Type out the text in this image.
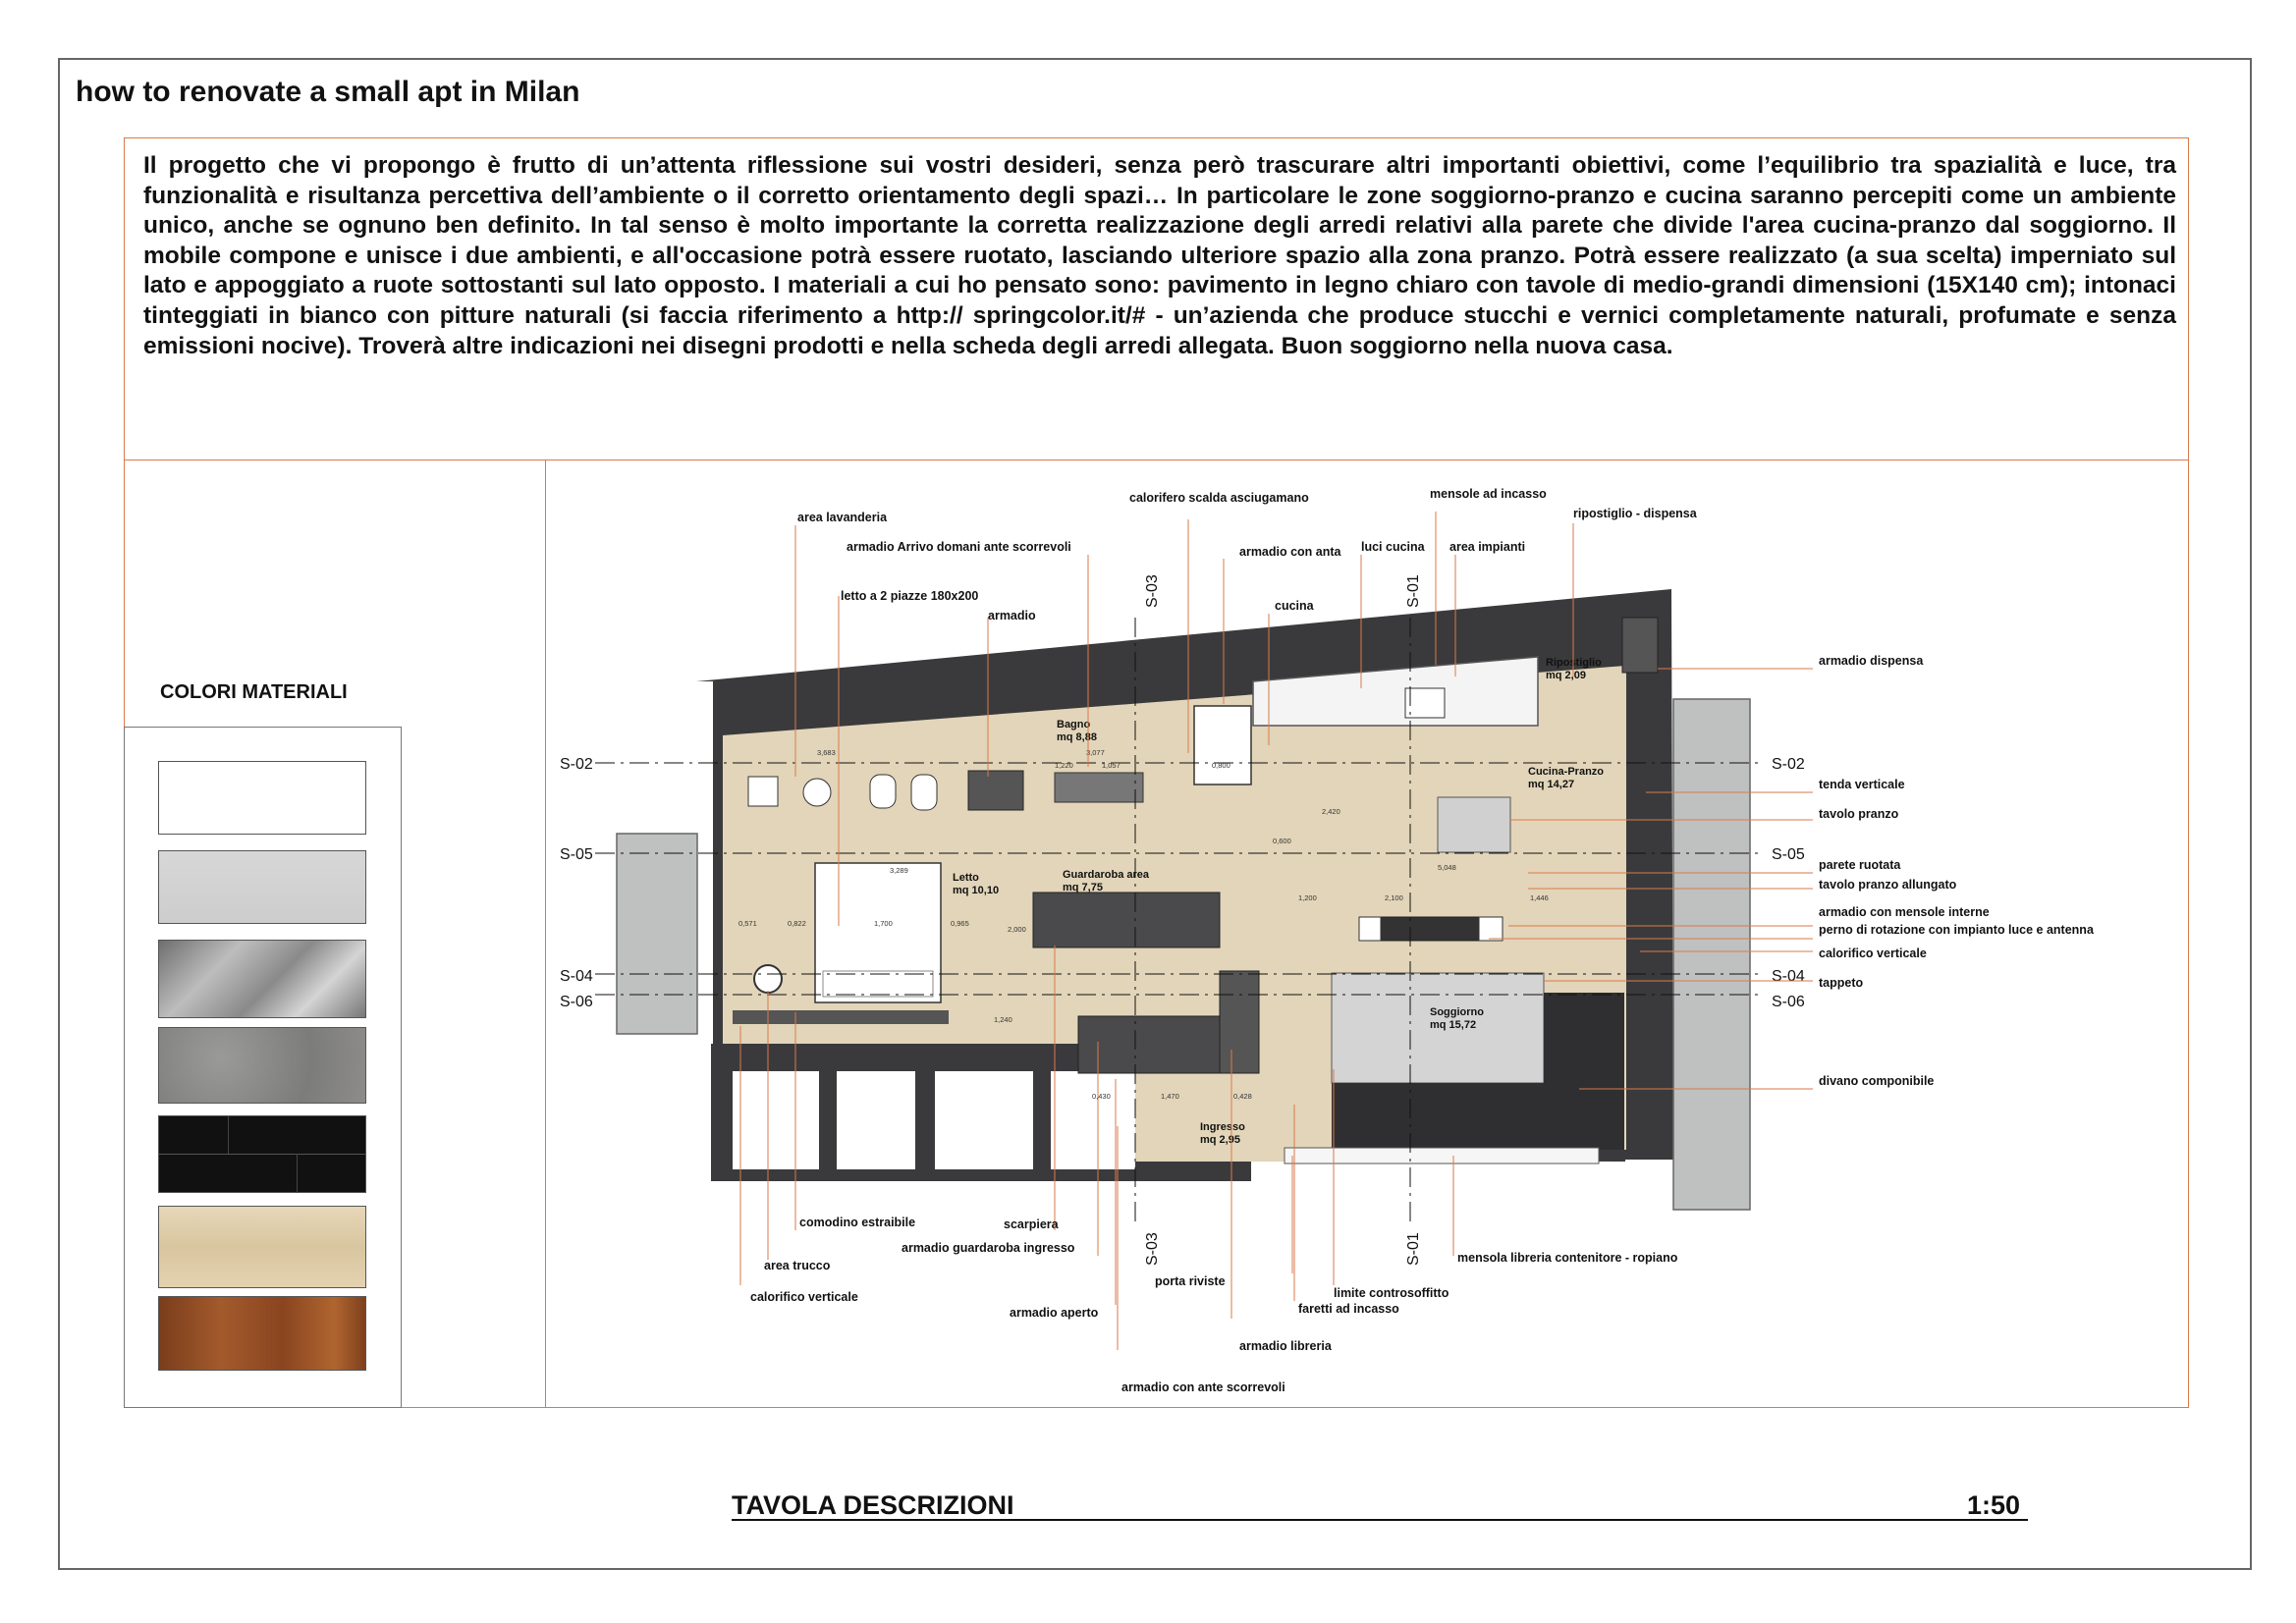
how to renovate a small apt in Milan
Il progetto che vi propongo è frutto di un’attenta riflessione sui vostri desideri, senza però trascurare altri importanti obiettivi, come l’equilibrio tra spazialità e luce, tra funzionalità e risultanza percettiva dell’ambiente o il corretto orientamento degli spazi… In particolare le zone soggiorno-pranzo e cucina saranno percepiti come un ambiente unico, anche se ognuno ben definito. In tal senso è molto importante la corretta realizzazione degli arredi relativi alla parete che divide l'area cucina-pranzo dal soggiorno. Il mobile compone e unisce i due ambienti, e all'occasione potrà essere ruotato, lasciando ulteriore spazio alla zona pranzo. Potrà essere realizzato (a sua scelta) imperniato sul lato e appoggiato a ruote sottostanti sul lato opposto. I materiali a cui ho pensato sono: pavimento in legno chiaro con tavole di medio-grandi dimensioni (15X140 cm); intonaci tinteggiati in bianco con pitture naturali (si faccia riferimento a http:// springcolor.it/# - un’azienda che produce stucchi e vernici completamente naturali, profumate e senza emissioni nocive). Troverà altre indicazioni nei disegni prodotti e nella scheda degli arredi allegata. Buon soggiorno nella nuova casa.
COLORI MATERIALI
S-02
S-05
S-04
S-06
S-02
S-05
S-04
S-06
S-03	S-01
S-03	S-01
Bagno
mq 8,88
Letto
mq 10,10
Guardaroba area
mq 7,75
Cucina-Pranzo
mq 14,27
Ripostiglio
mq 2,09
Soggiorno
mq 15,72
Ingresso
mq 2,95
3,683	3,077
1,220	1,057	0,800
0,600
3,289
1,700	0,965
2,100
5,048
1,446
1,470	0,428
0,430
1,200
2,420
0,822
0,571
2,000
1,240
area lavanderia
armadio Arrivo domani ante scorrevoli
calorifero scalda asciugamano	mensole ad incasso
ripostiglio - dispensa
armadio con anta luci cucina area impianti
letto a 2 piazze 180x200
armadio
cucina
armadio dispensa
tenda verticale
tavolo pranzo
parete ruotata
tavolo pranzo allungato
armadio con mensole interne
perno di rotazione con impianto luce e antenna
calorifico verticale
tappeto
divano componibile
comodino estraibile	scarpiera
armadio guardaroba ingresso
area trucco
calorifico verticale
mensola libreria contenitore - ropiano
limite controsoffitto
porta riviste
faretti ad incasso
armadio aperto
armadio libreria
armadio con ante scorrevoli
TAVOLA DESCRIZIONI	1:50
